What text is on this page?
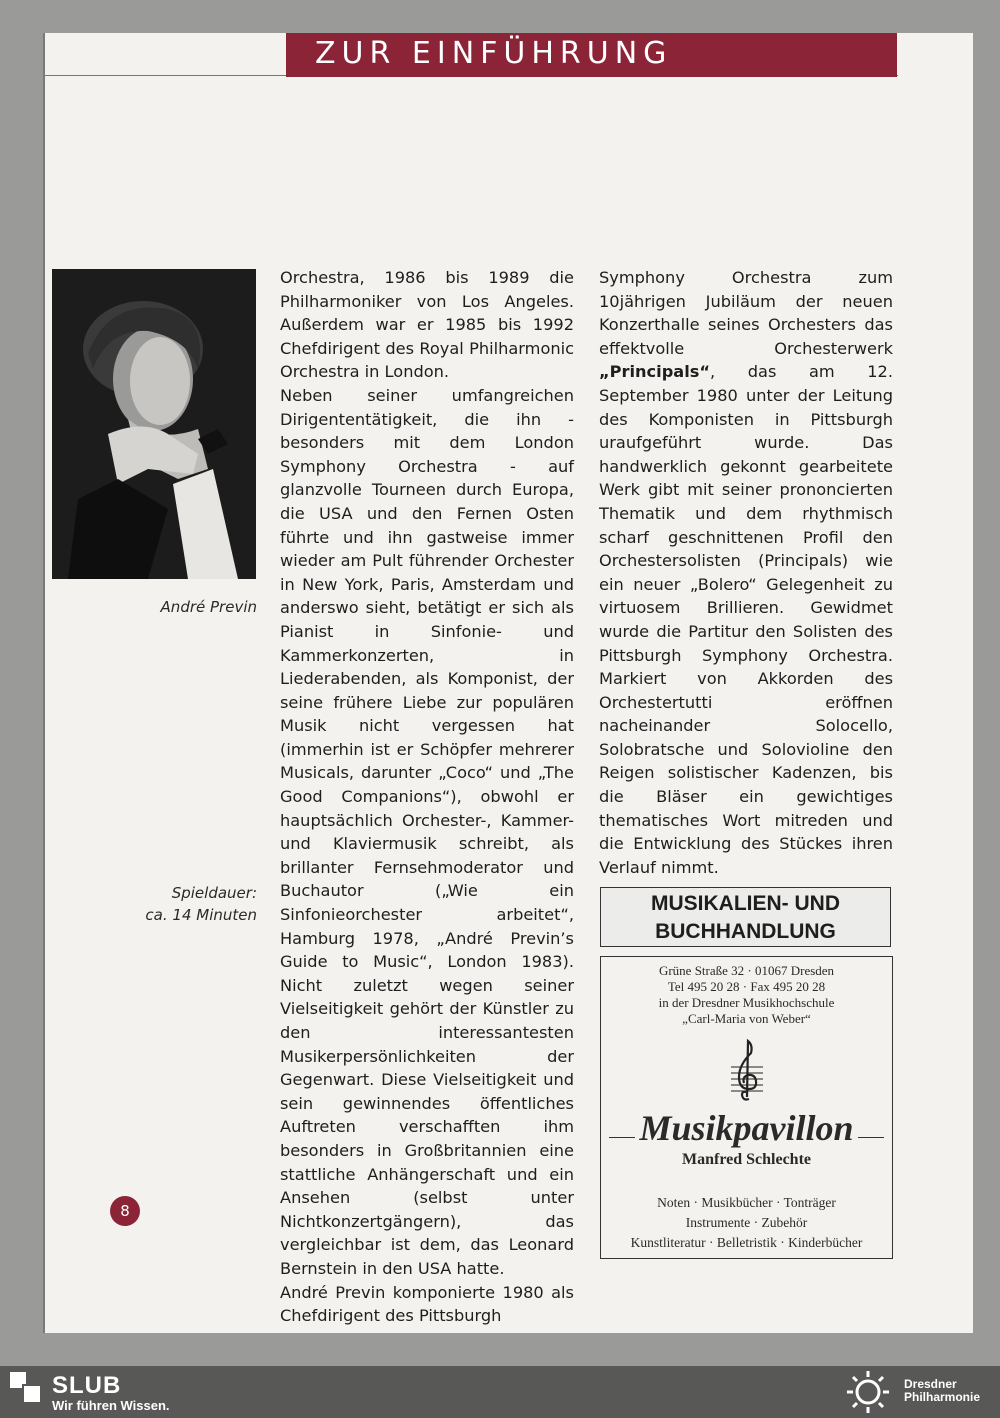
ZUR EINFÜHRUNG
André Previn
Spieldauer:
ca. 14 Minuten
8

Orchestra, 1986 bis 1989 die Philharmoniker von Los Angeles. Außerdem war er 1985 bis 1992 Chefdirigent des Royal Philharmonic Orchestra in London.

Neben seiner umfangreichen Dirigententätigkeit, die ihn - besonders mit dem London Symphony Orchestra - auf glanzvolle Tourneen durch Europa, die USA und den Fernen Osten führte und ihn gastweise immer wieder am Pult führender Orchester in New York, Paris, Amsterdam und anderswo sieht, betätigt er sich als Pianist in Sinfonie- und Kammerkonzerten, in Liederabenden, als Komponist, der seine frühere Liebe zur populären Musik nicht vergessen hat (immerhin ist er Schöpfer mehrerer Musicals, darunter „Coco“ und „The Good Companions“), obwohl er hauptsächlich Orchester-, Kammer- und Klaviermusik schreibt, als brillanter Fernsehmoderator und Buchautor („Wie ein Sinfonieorchester arbeitet“, Hamburg 1978, „André Previn’s Guide to Music“, London 1983). Nicht zuletzt wegen seiner Vielseitigkeit gehört der Künstler zu den interessantesten Musikerpersönlichkeiten der Gegenwart. Diese Vielseitigkeit und sein gewinnendes öffentliches Auftreten verschafften ihm besonders in Großbritannien eine stattliche Anhängerschaft und ein Ansehen (selbst unter Nichtkonzertgängern), das vergleichbar ist dem, das Leonard Bernstein in den USA hatte.

André Previn komponierte 1980 als Chefdirigent des Pittsburgh

Symphony Orchestra zum 10jährigen Jubiläum der neuen Konzerthalle seines Orchesters das effektvolle Orchesterwerk „Principals“, das am 12. September 1980 unter der Leitung des Komponisten in Pittsburgh uraufgeführt wurde. Das handwerklich gekonnt gearbeitete Werk gibt mit seiner prononcierten Thematik und dem rhythmisch scharf geschnittenen Profil den Orchestersolisten (Principals) wie ein neuer „Bolero“ Gelegenheit zu virtuosem Brillieren. Gewidmet wurde die Partitur den Solisten des Pittsburgh Symphony Orchestra. Markiert von Akkorden des Orchestertutti eröffnen nacheinander Solocello, Solobratsche und Solovioline den Reigen solistischer Kadenzen, bis die Bläser ein gewichtiges thematisches Wort mitreden und die Entwicklung des Stückes ihren Verlauf nimmt.

MUSIKALIEN- UND
BUCHHANDLUNG
Grüne Straße 32 · 01067 Dresden
Tel 495 20 28 · Fax 495 20 28
in der Dresdner Musikhochschule
„Carl-Maria von Weber“
Musikpavillon
Manfred Schlechte
Noten · Musikbücher · Tonträger
Instrumente · Zubehör
Kunstliteratur · Belletristik · Kinderbücher
SLUB
Wir führen Wissen.
Dresdner
Philharmonie
